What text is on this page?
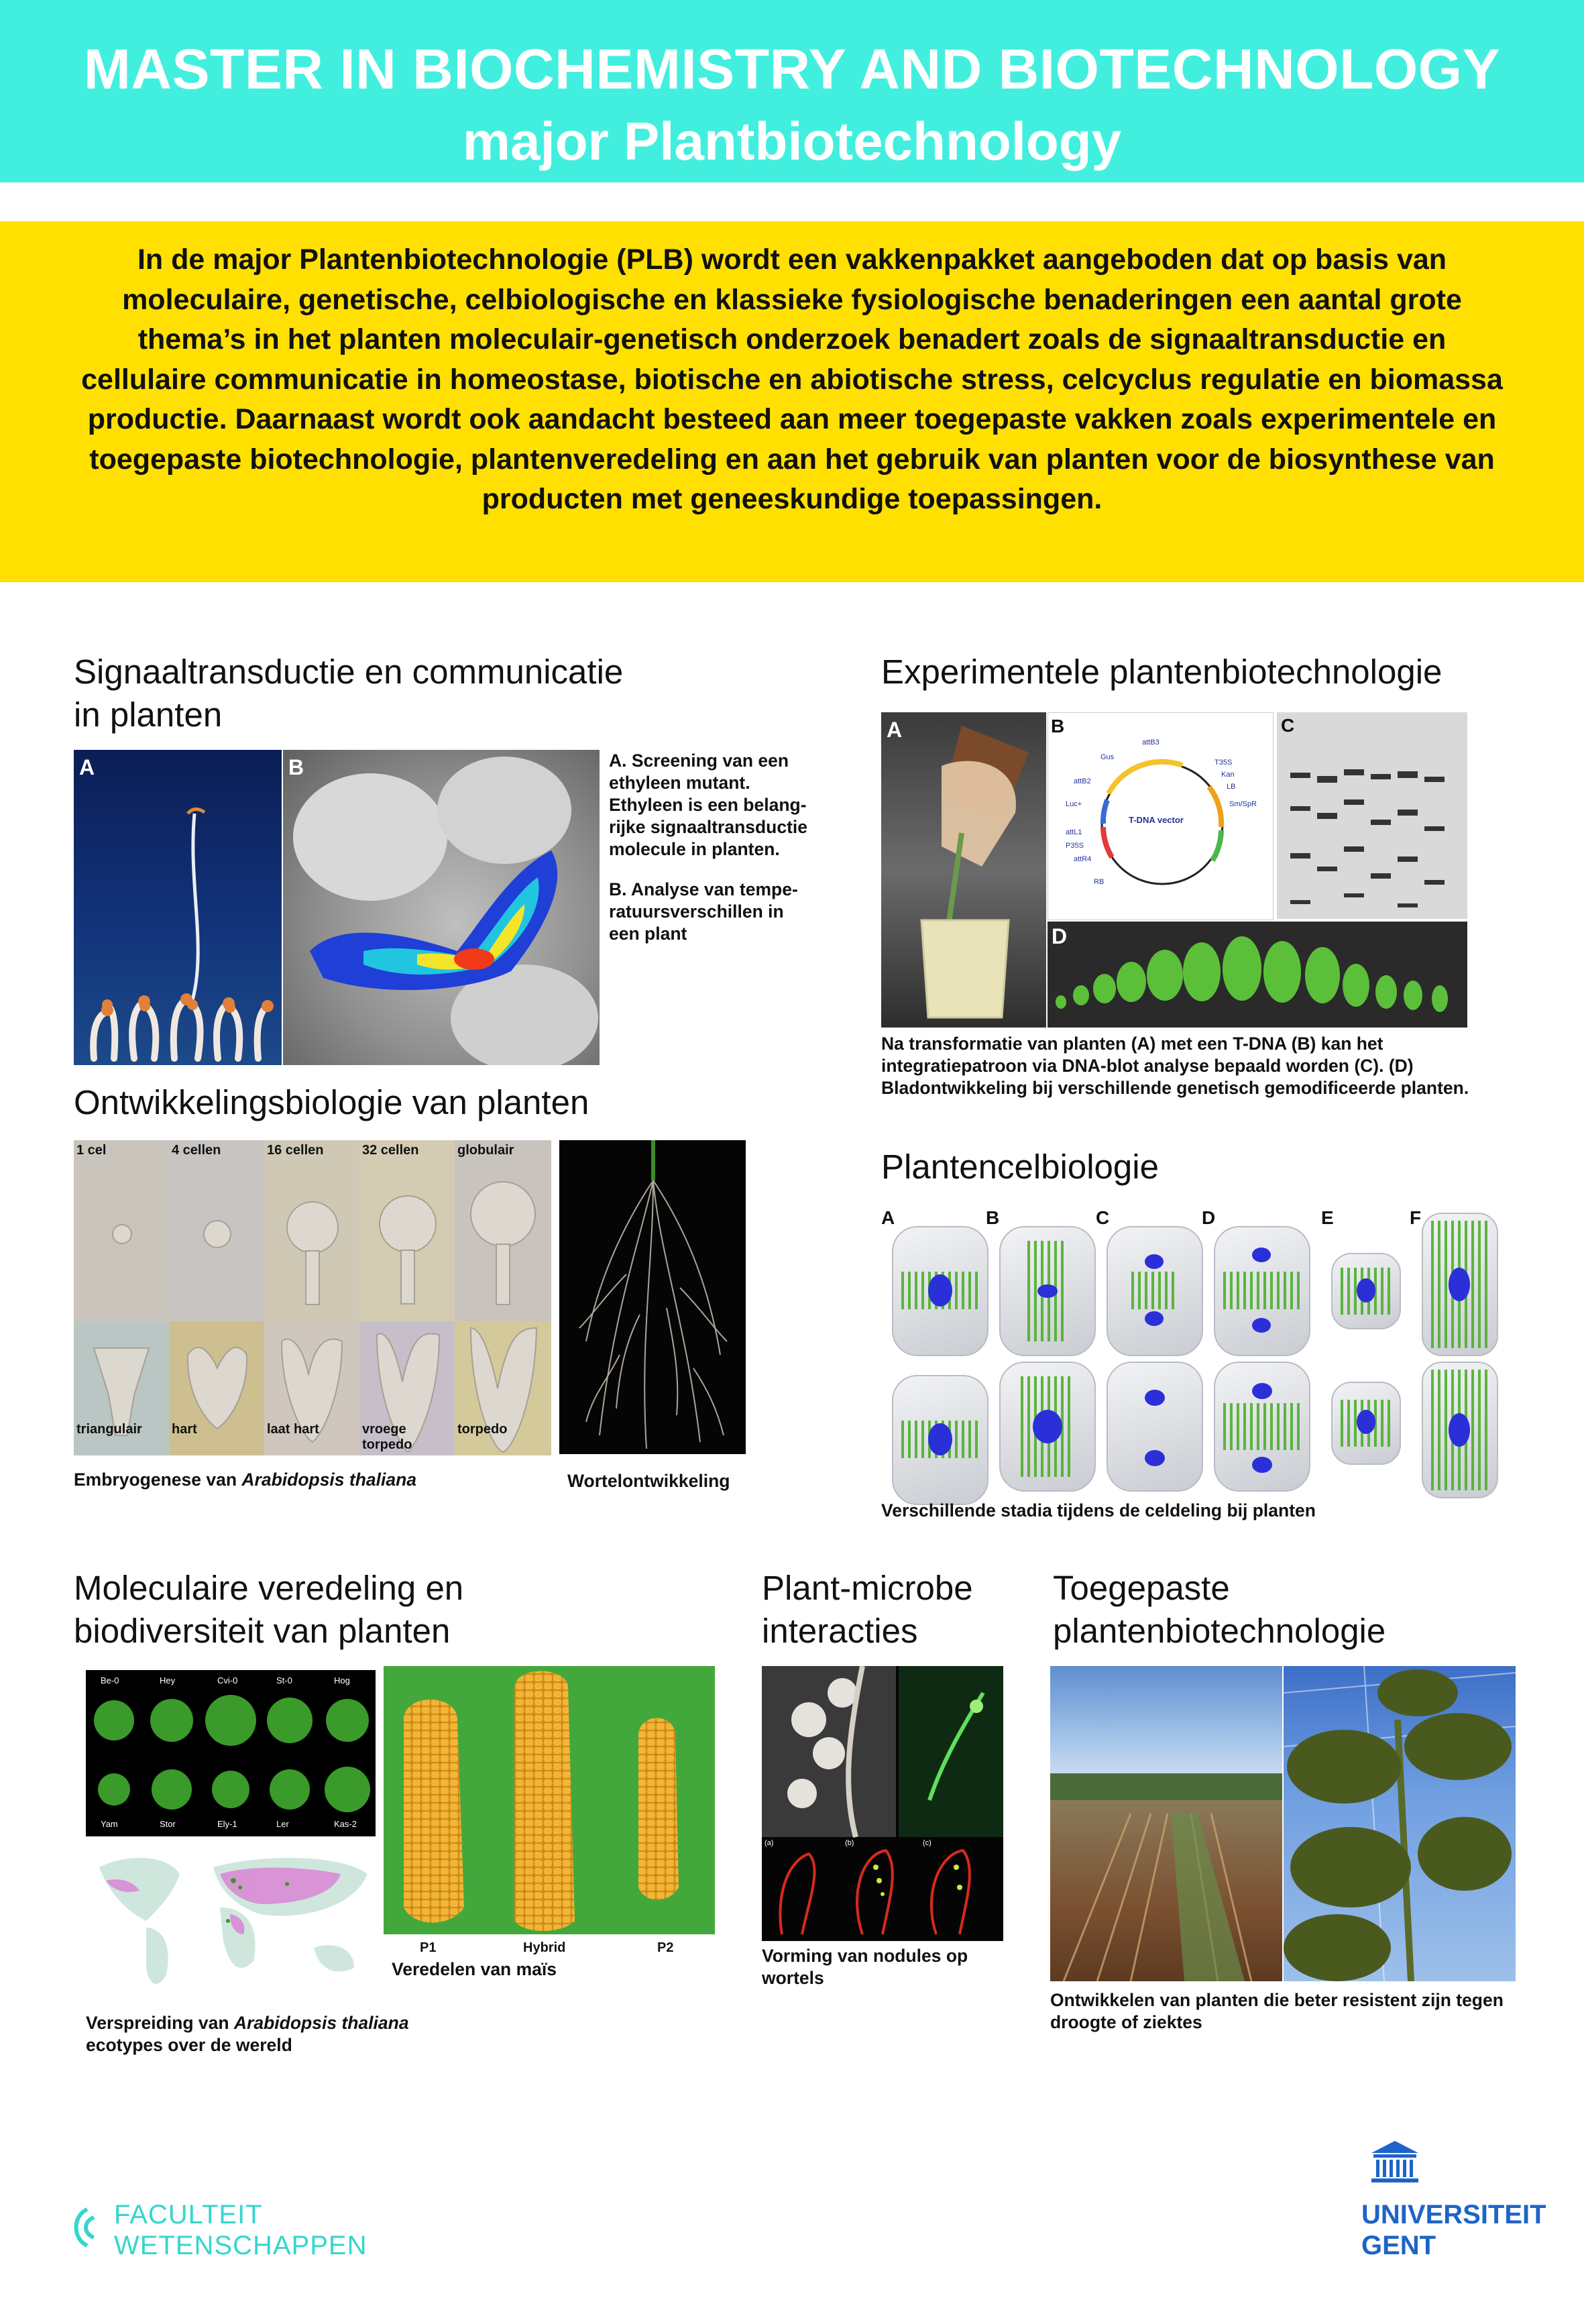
MASTER IN BIOCHEMISTRY AND BIOTECHNOLOGY
major Plantbiotechnology

In de major Plantenbiotechnologie (PLB) wordt een vakkenpakket aangeboden dat op basis van moleculaire, genetische, celbiologische en klassieke fysiologische benaderingen een aantal grote thema’s in het planten moleculair-genetisch onderzoek benadert zoals de signaaltransductie en cellulaire communicatie in homeostase, biotische en abiotische stress, celcyclus regulatie en biomassa productie. Daarnaast wordt ook aandacht besteed aan meer toegepaste vakken zoals experimentele en toegepaste biotechnologie, plantenveredeling en aan het gebruik van planten voor de biosynthese van producten met geneeskundige toepassingen.

Signaaltransductie en communicatie
in planten
A	B	A. Screening van een ethyleen mutant. Ethyleen is een belang-rijke signaaltransductie molecule in planten.
B. Analyse van tempe-ratuursverschillen in een plant
Ontwikkelingsbiologie van planten
1 cel	4 cellen	16 cellen	32 cellen	globulair
triangulair hart	laat hart	vroege torpedo
torpedo
Embryogenese van Arabidopsis thaliana	Wortelontwikkeling
Experimentele plantenbiotechnologie
A	B
T-DNA vector
attB3
T35S
Kan
LB
Sm/SpR
Gus
attB2
Luc+
attL1
P35S
attR4
RB
C
D
Na transformatie van planten (A) met een T-DNA (B) kan het integratiepatroon via DNA-blot analyse bepaald worden (C). (D) Bladontwikkeling bij verschillende genetisch gemodificeerde planten.
Plantencelbiologie
A	B	C	D	E	F
Verschillende stadia tijdens de celdeling bij planten
Moleculaire veredeling en
biodiversiteit van planten
Be-0	Hey	Cvi-0	St-0	Hog
Yam	Stor	Ely-1	Ler	Kas-2
Verspreiding van Arabidopsis thaliana
ecotypes over de wereld
P1	Hybrid	P2
Veredelen van maïs
Plant-microbe
interacties
(a)	(b)	(c)
Vorming van nodules op wortels
Toegepaste
plantenbiotechnologie
Ontwikkelen van planten die beter resistent zijn tegen droogte of ziektes
FACULTEIT
WETENSCHAPPEN
UNIVERSITEIT
GENT
